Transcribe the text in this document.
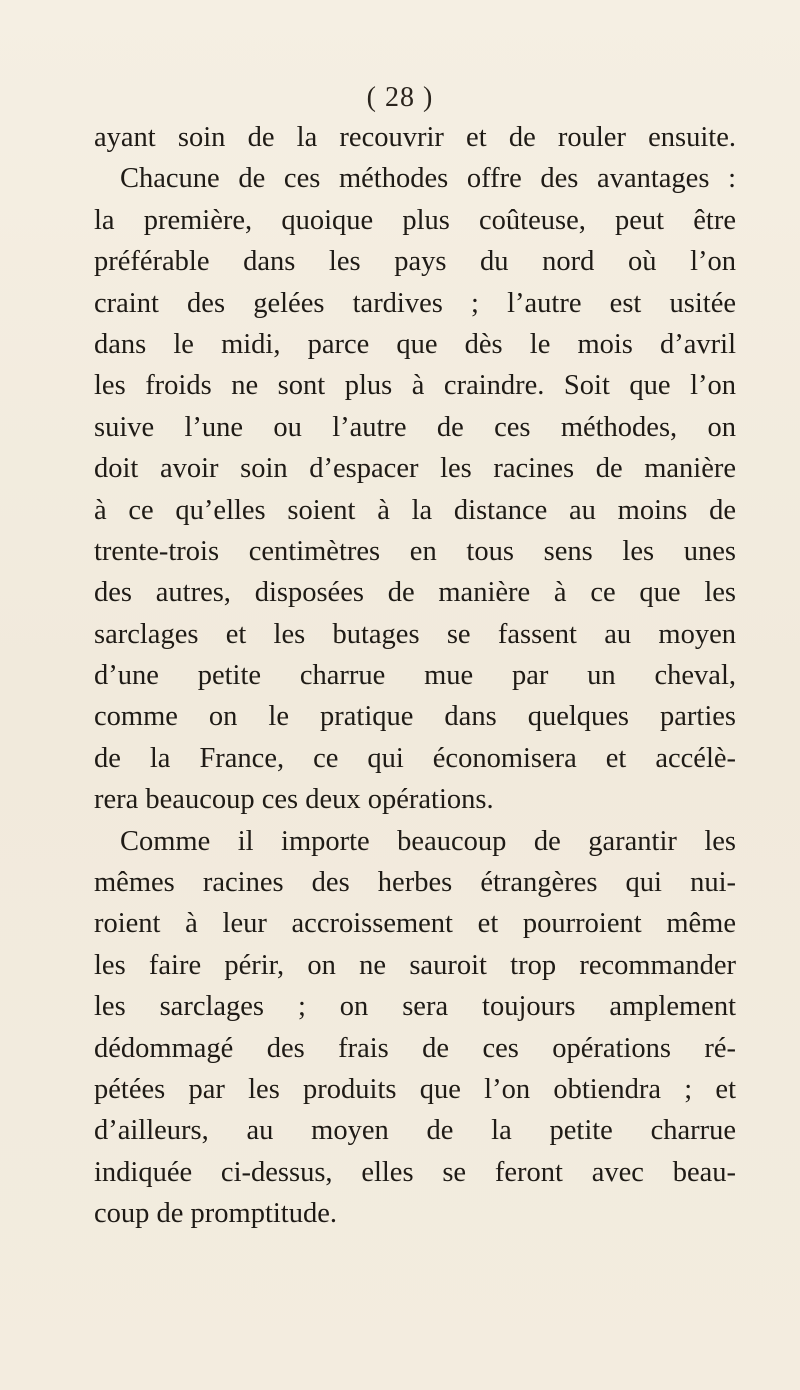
( 28 )
ayant soin de la recouvrir et de rouler ensuite.
Chacune de ces méthodes offre des avantages :
la première, quoique plus coûteuse, peut être
préférable dans les pays du nord où l’on
craint des gelées tardives ; l’autre est usitée
dans le midi, parce que dès le mois d’avril
les froids ne sont plus à craindre. Soit que l’on
suive l’une ou l’autre de ces méthodes, on
doit avoir soin d’espacer les racines de manière
à ce qu’elles soient à la distance au moins de
trente-trois centimètres en tous sens les unes
des autres, disposées de manière à ce que les
sarclages et les butages se fassent au moyen
d’une petite charrue mue par un cheval,
comme on le pratique dans quelques parties
de la France, ce qui économisera et accélè-
rera beaucoup ces deux opérations.
Comme il importe beaucoup de garantir les
mêmes racines des herbes étrangères qui nui-
roient à leur accroissement et pourroient même
les faire périr, on ne sauroit trop recommander
les sarclages ; on sera toujours amplement
dédommagé des frais de ces opérations ré-
pétées par les produits que l’on obtiendra ; et
d’ailleurs, au moyen de la petite charrue
indiquée ci-dessus, elles se feront avec beau-
coup de promptitude.
